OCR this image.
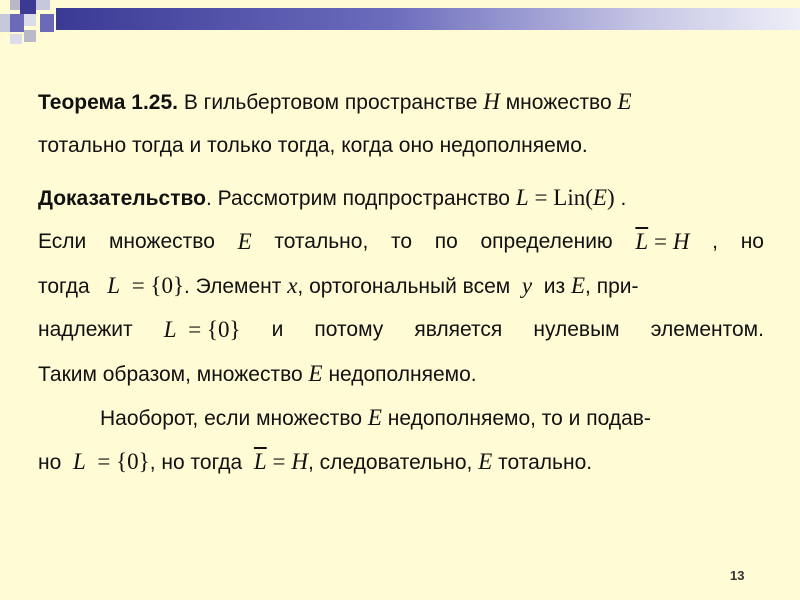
Теорема 1.25. В гильбертовом пространстве H множество E
тотально тогда и только тогда, когда оно недополняемо.
Доказательство. Рассмотрим подпространство L = Lin(E) .
Если множество E тотально, то по определению $\overline{L} = H$ , но
тогда L = {0}. Элемент x, ортогональный всем y из E, при-
надлежит L = {0} и потому является нулевым элементом.
Таким образом, множество E недополняемо.
Наоборот, если множество E недополняемо, то и подав-
но L = {0}, но тогда $\overline{L} = H$, следовательно, E тотально.
13
